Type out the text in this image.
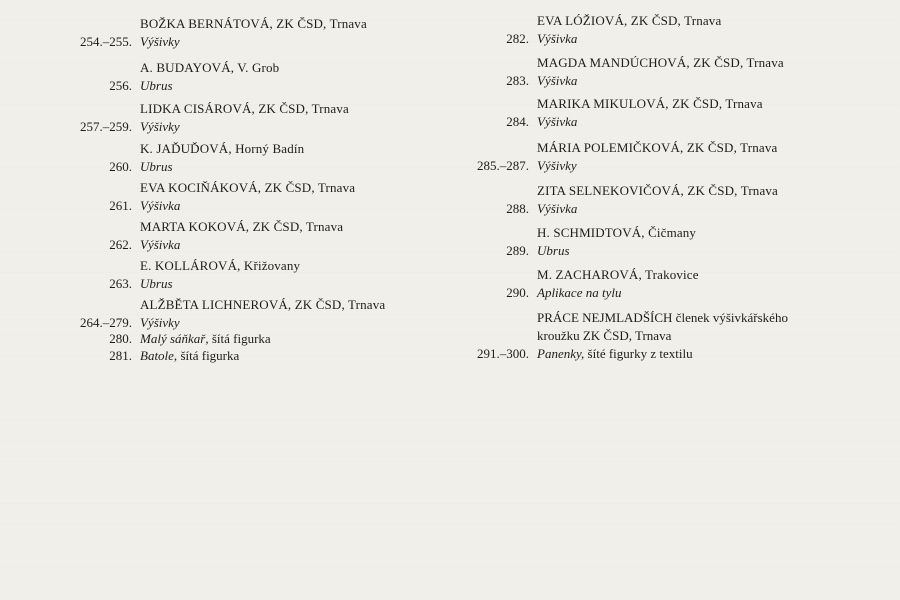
BOŽKA BERNÁTOVÁ, ZK ČSD, Trnava
254.–255. Výšivky
A. BUDAYOVÁ, V. Grob
256. Ubrus
LIDKA CISÁROVÁ, ZK ČSD, Trnava
257.–259. Výšivky
K. JAĎUĎOVÁ, Horný Badín
260. Ubrus
EVA KOCIŇÁKOVÁ, ZK ČSD, Trnava
261. Výšivka
MARTA KOKOVÁ, ZK ČSD, Trnava
262. Výšivka
E. KOLLÁROVÁ, Křižovany
263. Ubrus
ALŽBĚTA LICHNEROVÁ, ZK ČSD, Trnava
264.–279. Výšivky
280. Malý sáňkař, šítá figurka
281. Batole, šítá figurka
EVA LÓŽIOVÁ, ZK ČSD, Trnava
282. Výšivka
MAGDA MANDÚCHOVÁ, ZK ČSD, Trnava
283. Výšivka
MARIKA MIKULOVÁ, ZK ČSD, Trnava
284. Výšivka
MÁRIA POLEMIČKOVÁ, ZK ČSD, Trnava
285.–287. Výšivky
ZITA SELNEKOVIČOVÁ, ZK ČSD, Trnava
288. Výšivka
H. SCHMIDTOVÁ, Čičmany
289. Ubrus
M. ZACHAROVÁ, Trakovice
290. Aplikace na tylu
PRÁCE NEJMLADŠÍCH členek výšivkářského
kroužku ZK ČSD, Trnava
291.–300. Panenky, šíté figurky z textilu
